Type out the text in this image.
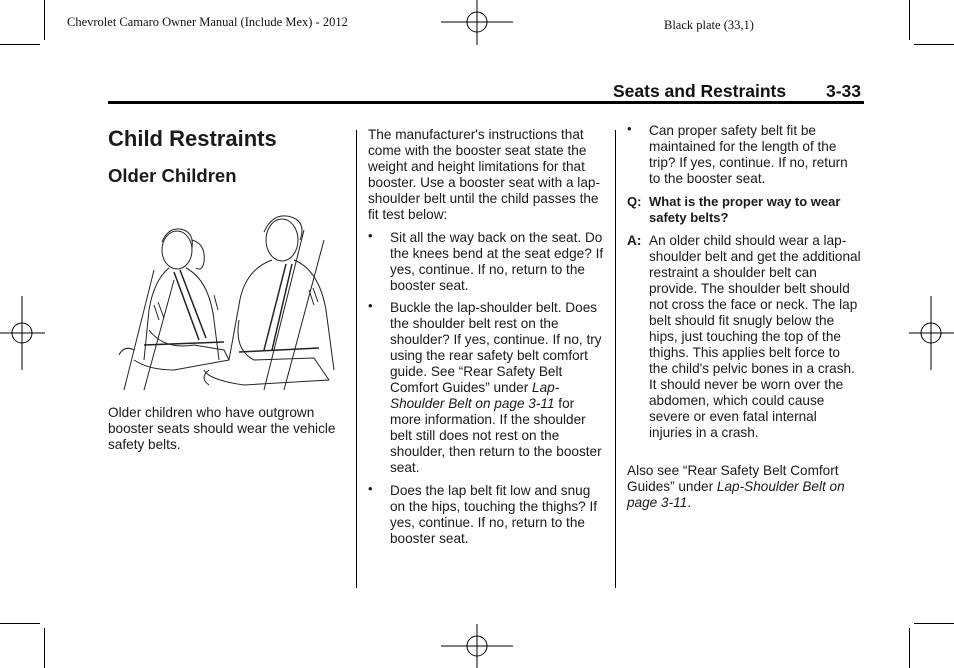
Chevrolet Camaro Owner Manual (Include Mex) - 2012	Black plate (33,1)
Seats and Restraints 3-33
Child Restraints
Older Children

Older children who have outgrown booster seats should wear the vehicle safety belts.

The manufacturer's instructions that come with the booster seat state the weight and height limitations for that booster. Use a booster seat with a lap-shoulder belt until the child passes the fit test below:

• Sit all the way back on the seat. Do the knees bend at the seat edge? If yes, continue. If no, return to the booster seat.

• Buckle the lap-shoulder belt. Does the shoulder belt rest on the shoulder? If yes, continue. If no, try using the rear safety belt comfort guide. See “Rear Safety Belt Comfort Guides” under Lap-Shoulder Belt on page 3-11 for more information. If the shoulder belt still does not rest on the shoulder, then return to the booster seat.

• Does the lap belt fit low and snug on the hips, touching the thighs? If yes, continue. If no, return to the booster seat.

• Can proper safety belt fit be maintained for the length of the trip? If yes, continue. If no, return to the booster seat.

Q: What is the proper way to wear safety belts?

A: An older child should wear a lap-shoulder belt and get the additional restraint a shoulder belt can provide. The shoulder belt should not cross the face or neck. The lap belt should fit snugly below the hips, just touching the top of the thighs. This applies belt force to the child's pelvic bones in a crash. It should never be worn over the abdomen, which could cause severe or even fatal internal injuries in a crash.

Also see “Rear Safety Belt Comfort Guides” under Lap-Shoulder Belt on page 3-11.
